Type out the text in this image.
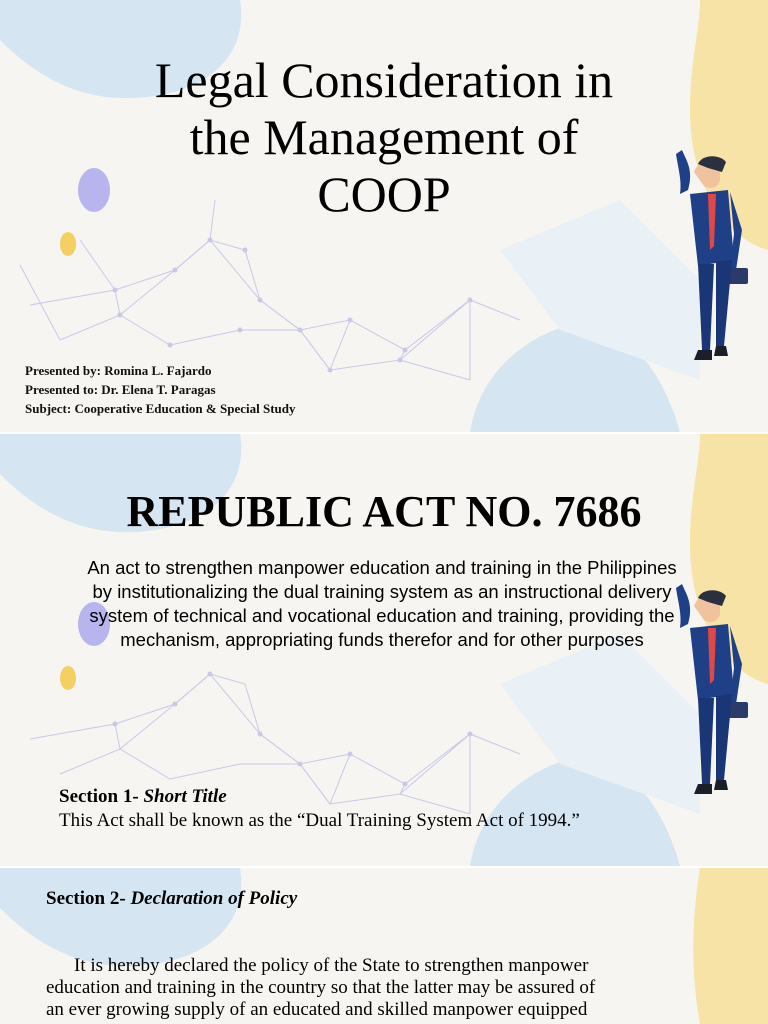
Legal Consideration in
the Management of
COOP
Presented by: Romina L. Fajardo
Presented to: Dr. Elena T. Paragas
Subject: Cooperative Education & Special Study
REPUBLIC ACT NO. 7686
An act to strengthen manpower education and training in the Philippines by institutionalizing the dual training system as an instructional delivery system of technical and vocational education and training, providing the mechanism, appropriating funds therefor and for other purposes
Section 1- Short Title
This Act shall be known as the “Dual Training System Act of 1994.”
Section 2- Declaration of Policy
It is hereby declared the policy of the State to strengthen manpower
education and training in the country so that the latter may be assured of
an ever growing supply of an educated and skilled manpower equipped
